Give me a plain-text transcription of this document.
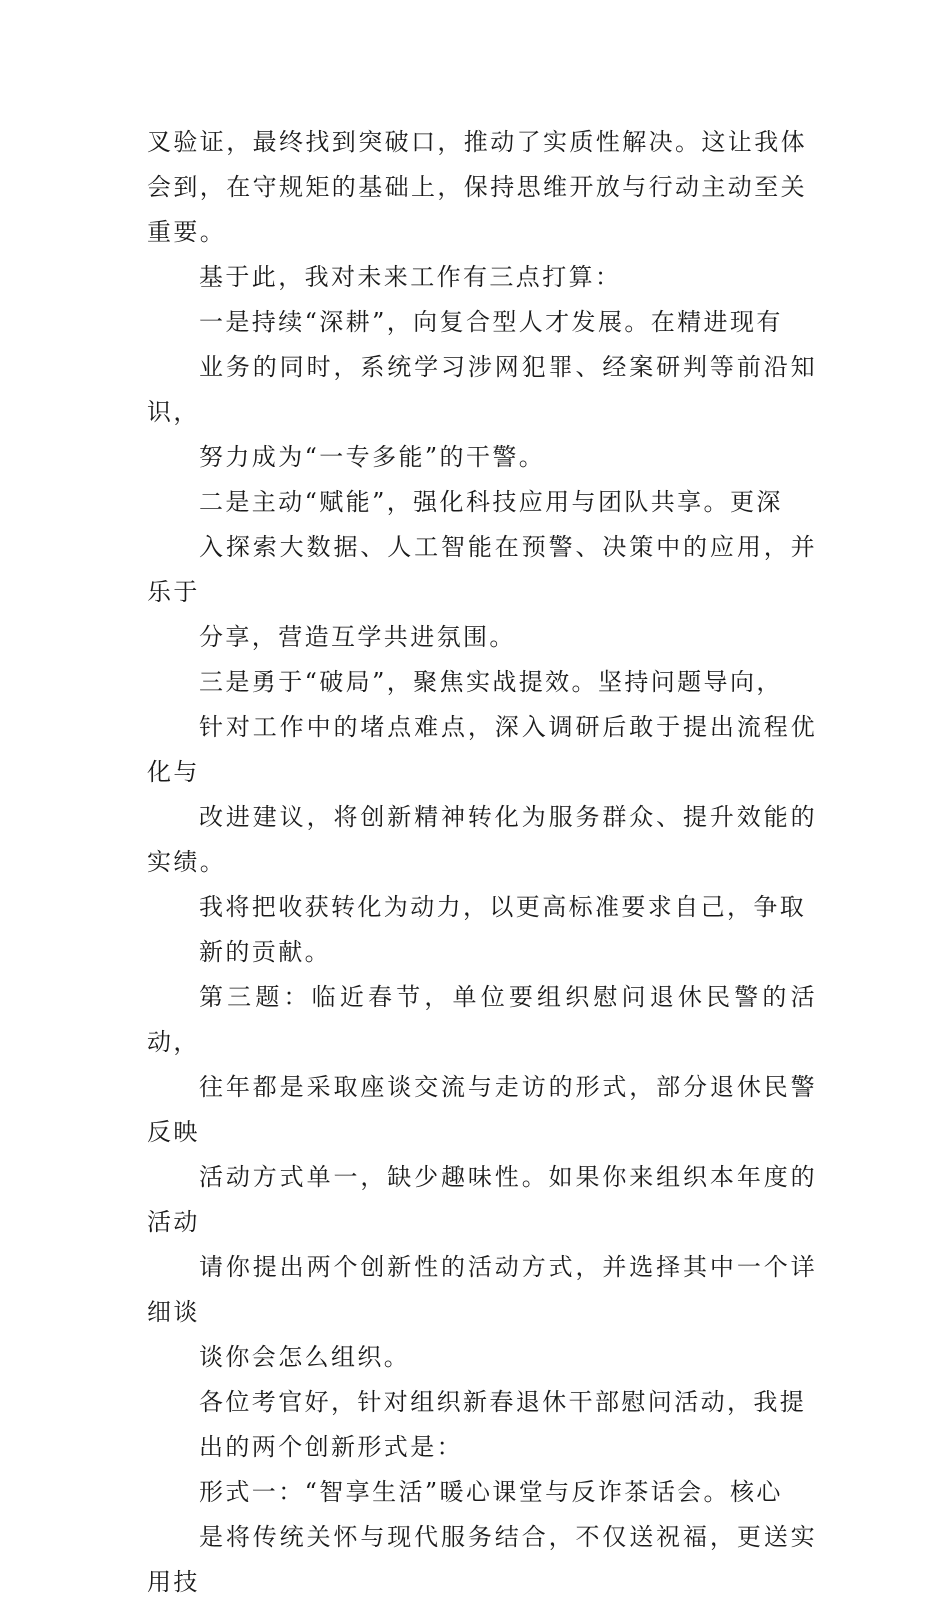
叉验证，最终找到突破口，推动了实质性解决。这让我体
会到，在守规矩的基础上，保持思维开放与行动主动至关
重要。
基于此，我对未来工作有三点打算：
一是持续“深耕”，向复合型人才发展。在精进现有
业务的同时，系统学习涉网犯罪、经案研判等前沿知识，
努力成为“一专多能”的干警。
二是主动“赋能”，强化科技应用与团队共享。更深
入探索大数据、人工智能在预警、决策中的应用，并乐于
分享，营造互学共进氛围。
三是勇于“破局”，聚焦实战提效。坚持问题导向，
针对工作中的堵点难点，深入调研后敢于提出流程优化与
改进建议，将创新精神转化为服务群众、提升效能的实绩。
我将把收获转化为动力，以更高标准要求自己，争取
新的贡献。
第三题：临近春节，单位要组织慰问退休民警的活动，
往年都是采取座谈交流与走访的形式，部分退休民警反映
活动方式单一，缺少趣味性。如果你来组织本年度的活动
请你提出两个创新性的活动方式，并选择其中一个详细谈
谈你会怎么组织。
各位考官好，针对组织新春退休干部慰问活动，我提
出的两个创新形式是：
形式一：“智享生活”暖心课堂与反诈茶话会。核心
是将传统关怀与现代服务结合，不仅送祝福，更送实用技
